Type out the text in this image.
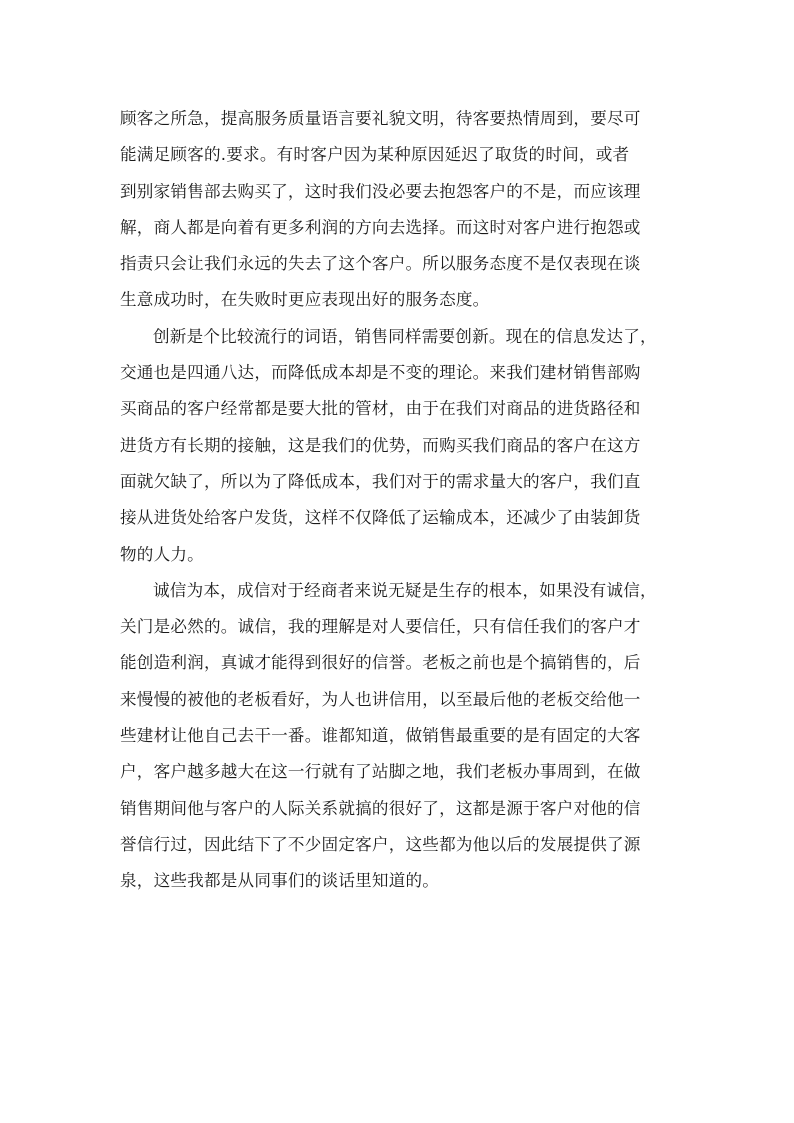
顾客之所急，提高服务质量语言要礼貌文明，待客要热情周到，要尽可
能满足顾客的.要求。有时客户因为某种原因延迟了取货的时间，或者
到别家销售部去购买了，这时我们没必要去抱怨客户的不是，而应该理
解，商人都是向着有更多利润的方向去选择。而这时对客户进行抱怨或
指责只会让我们永远的失去了这个客户。所以服务态度不是仅表现在谈
生意成功时，在失败时更应表现出好的服务态度。

创新是个比较流行的词语，销售同样需要创新。现在的信息发达了，
交通也是四通八达，而降低成本却是不变的理论。来我们建材销售部购
买商品的客户经常都是要大批的管材，由于在我们对商品的进货路径和
进货方有长期的接触，这是我们的优势，而购买我们商品的客户在这方
面就欠缺了，所以为了降低成本，我们对于的需求量大的客户，我们直
接从进货处给客户发货，这样不仅降低了运输成本，还减少了由装卸货
物的人力。

诚信为本，成信对于经商者来说无疑是生存的根本，如果没有诚信，
关门是必然的。诚信，我的理解是对人要信任，只有信任我们的客户才
能创造利润，真诚才能得到很好的信誉。老板之前也是个搞销售的，后
来慢慢的被他的老板看好，为人也讲信用，以至最后他的老板交给他一
些建材让他自己去干一番。谁都知道，做销售最重要的是有固定的大客
户，客户越多越大在这一行就有了站脚之地，我们老板办事周到，在做
销售期间他与客户的人际关系就搞的很好了，这都是源于客户对他的信
誉信行过，因此结下了不少固定客户，这些都为他以后的发展提供了源
泉，这些我都是从同事们的谈话里知道的。
